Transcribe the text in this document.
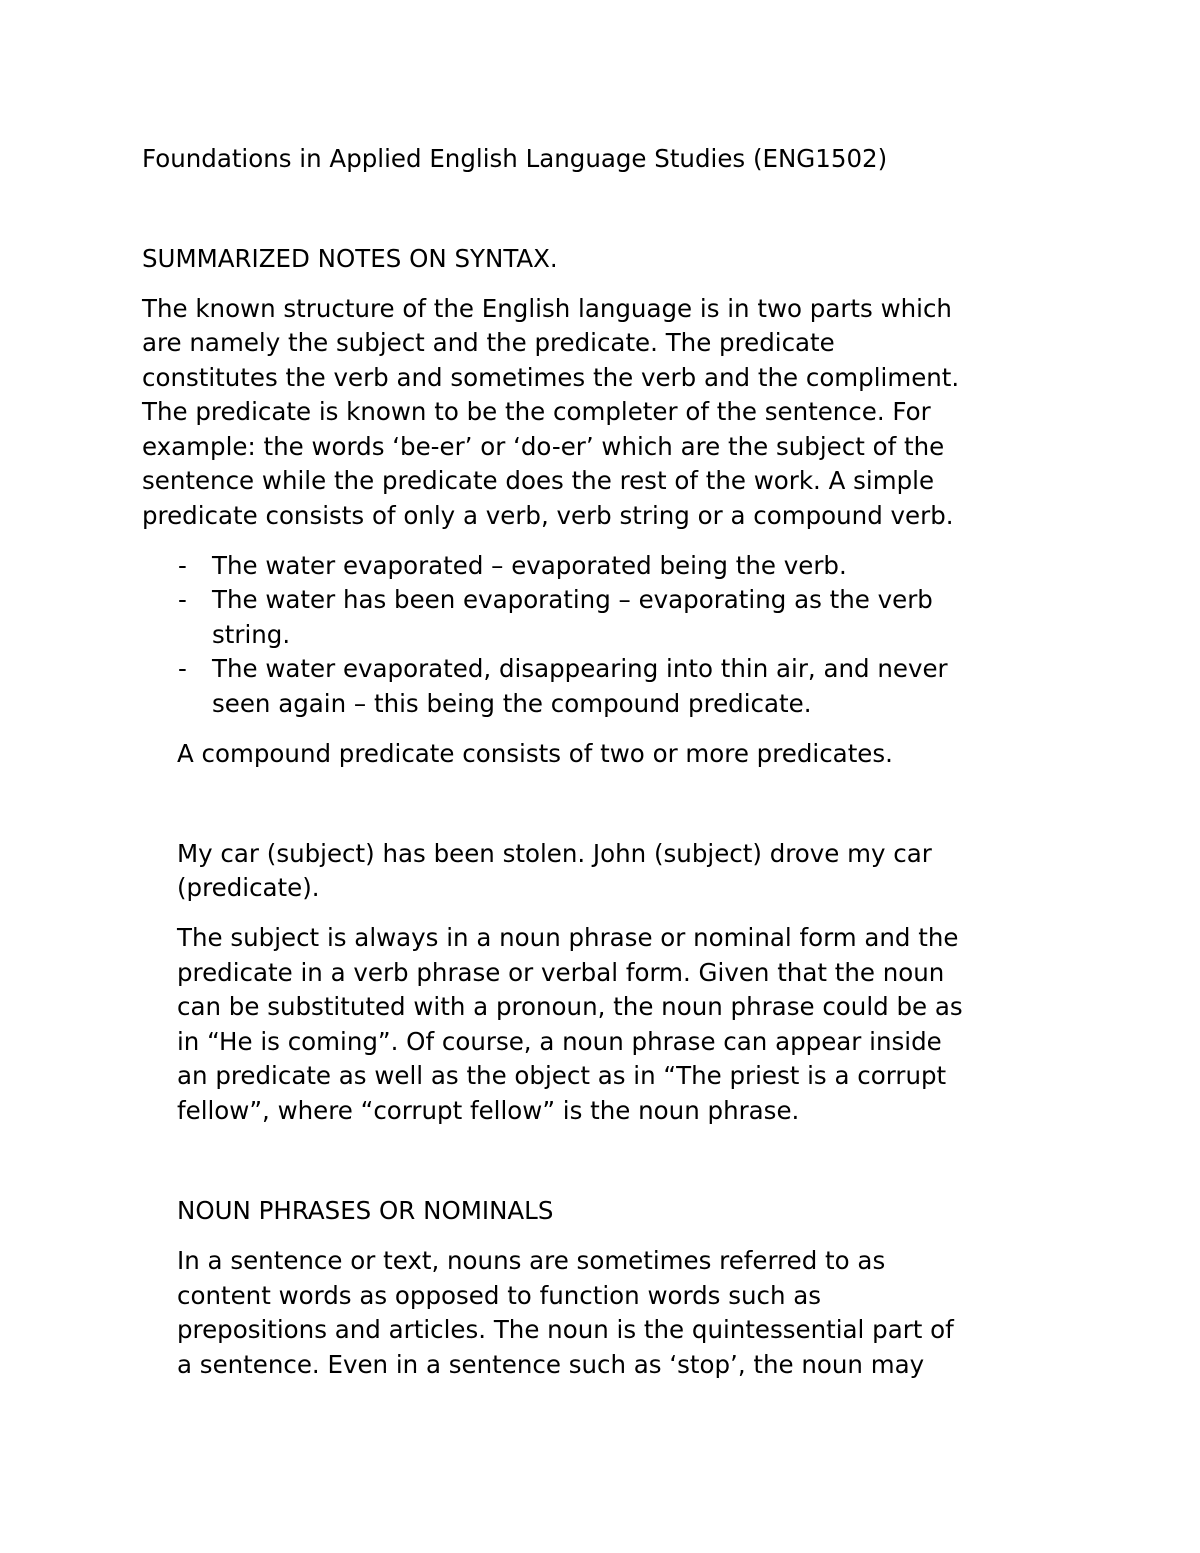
Foundations in Applied English Language Studies (ENG1502)
SUMMARIZED NOTES ON SYNTAX.
The known structure of the English language is in two parts which
are namely the subject and the predicate. The predicate
constitutes the verb and sometimes the verb and the compliment.
The predicate is known to be the completer of the sentence. For
example: the words ‘be-er’ or ‘do-er’ which are the subject of the
sentence while the predicate does the rest of the work. A simple
predicate consists of only a verb, verb string or a compound verb.
- The water evaporated – evaporated being the verb.
- The water has been evaporating – evaporating as the verb
string.
- The water evaporated, disappearing into thin air, and never
seen again – this being the compound predicate.
A compound predicate consists of two or more predicates.
My car (subject) has been stolen. John (subject) drove my car
(predicate).
The subject is always in a noun phrase or nominal form and the
predicate in a verb phrase or verbal form. Given that the noun
can be substituted with a pronoun, the noun phrase could be as
in “He is coming”. Of course, a noun phrase can appear inside
an predicate as well as the object as in “The priest is a corrupt
fellow”, where “corrupt fellow” is the noun phrase.
NOUN PHRASES OR NOMINALS
In a sentence or text, nouns are sometimes referred to as
content words as opposed to function words such as
prepositions and articles. The noun is the quintessential part of
a sentence. Even in a sentence such as ‘stop’, the noun may
